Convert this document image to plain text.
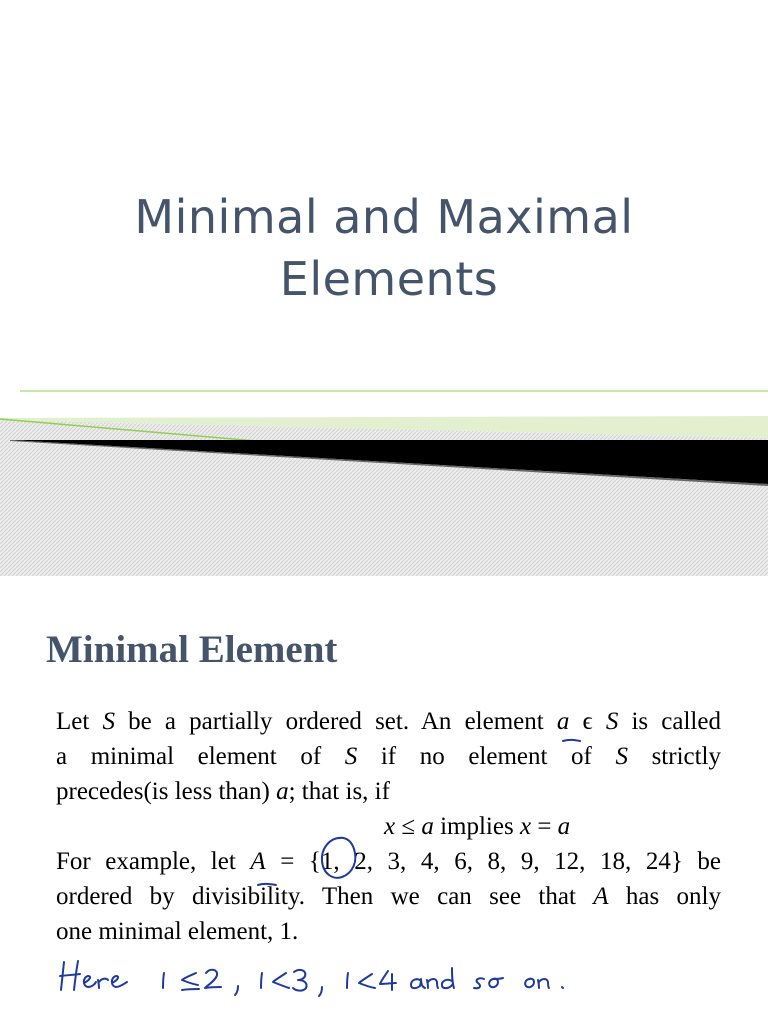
Minimal and Maximal

Elements
Minimal Element

Let S be a partially ordered set. An element a ϵ S is called
a minimal element of S if no element of S strictly
precedes(is less than) a; that is, if
x ≤ a implies x = a

For example, let A = {1, 2, 3, 4, 6, 8, 9, 12, 18, 24} be
ordered by divisibility. Then we can see that A has only
one minimal element, 1.
